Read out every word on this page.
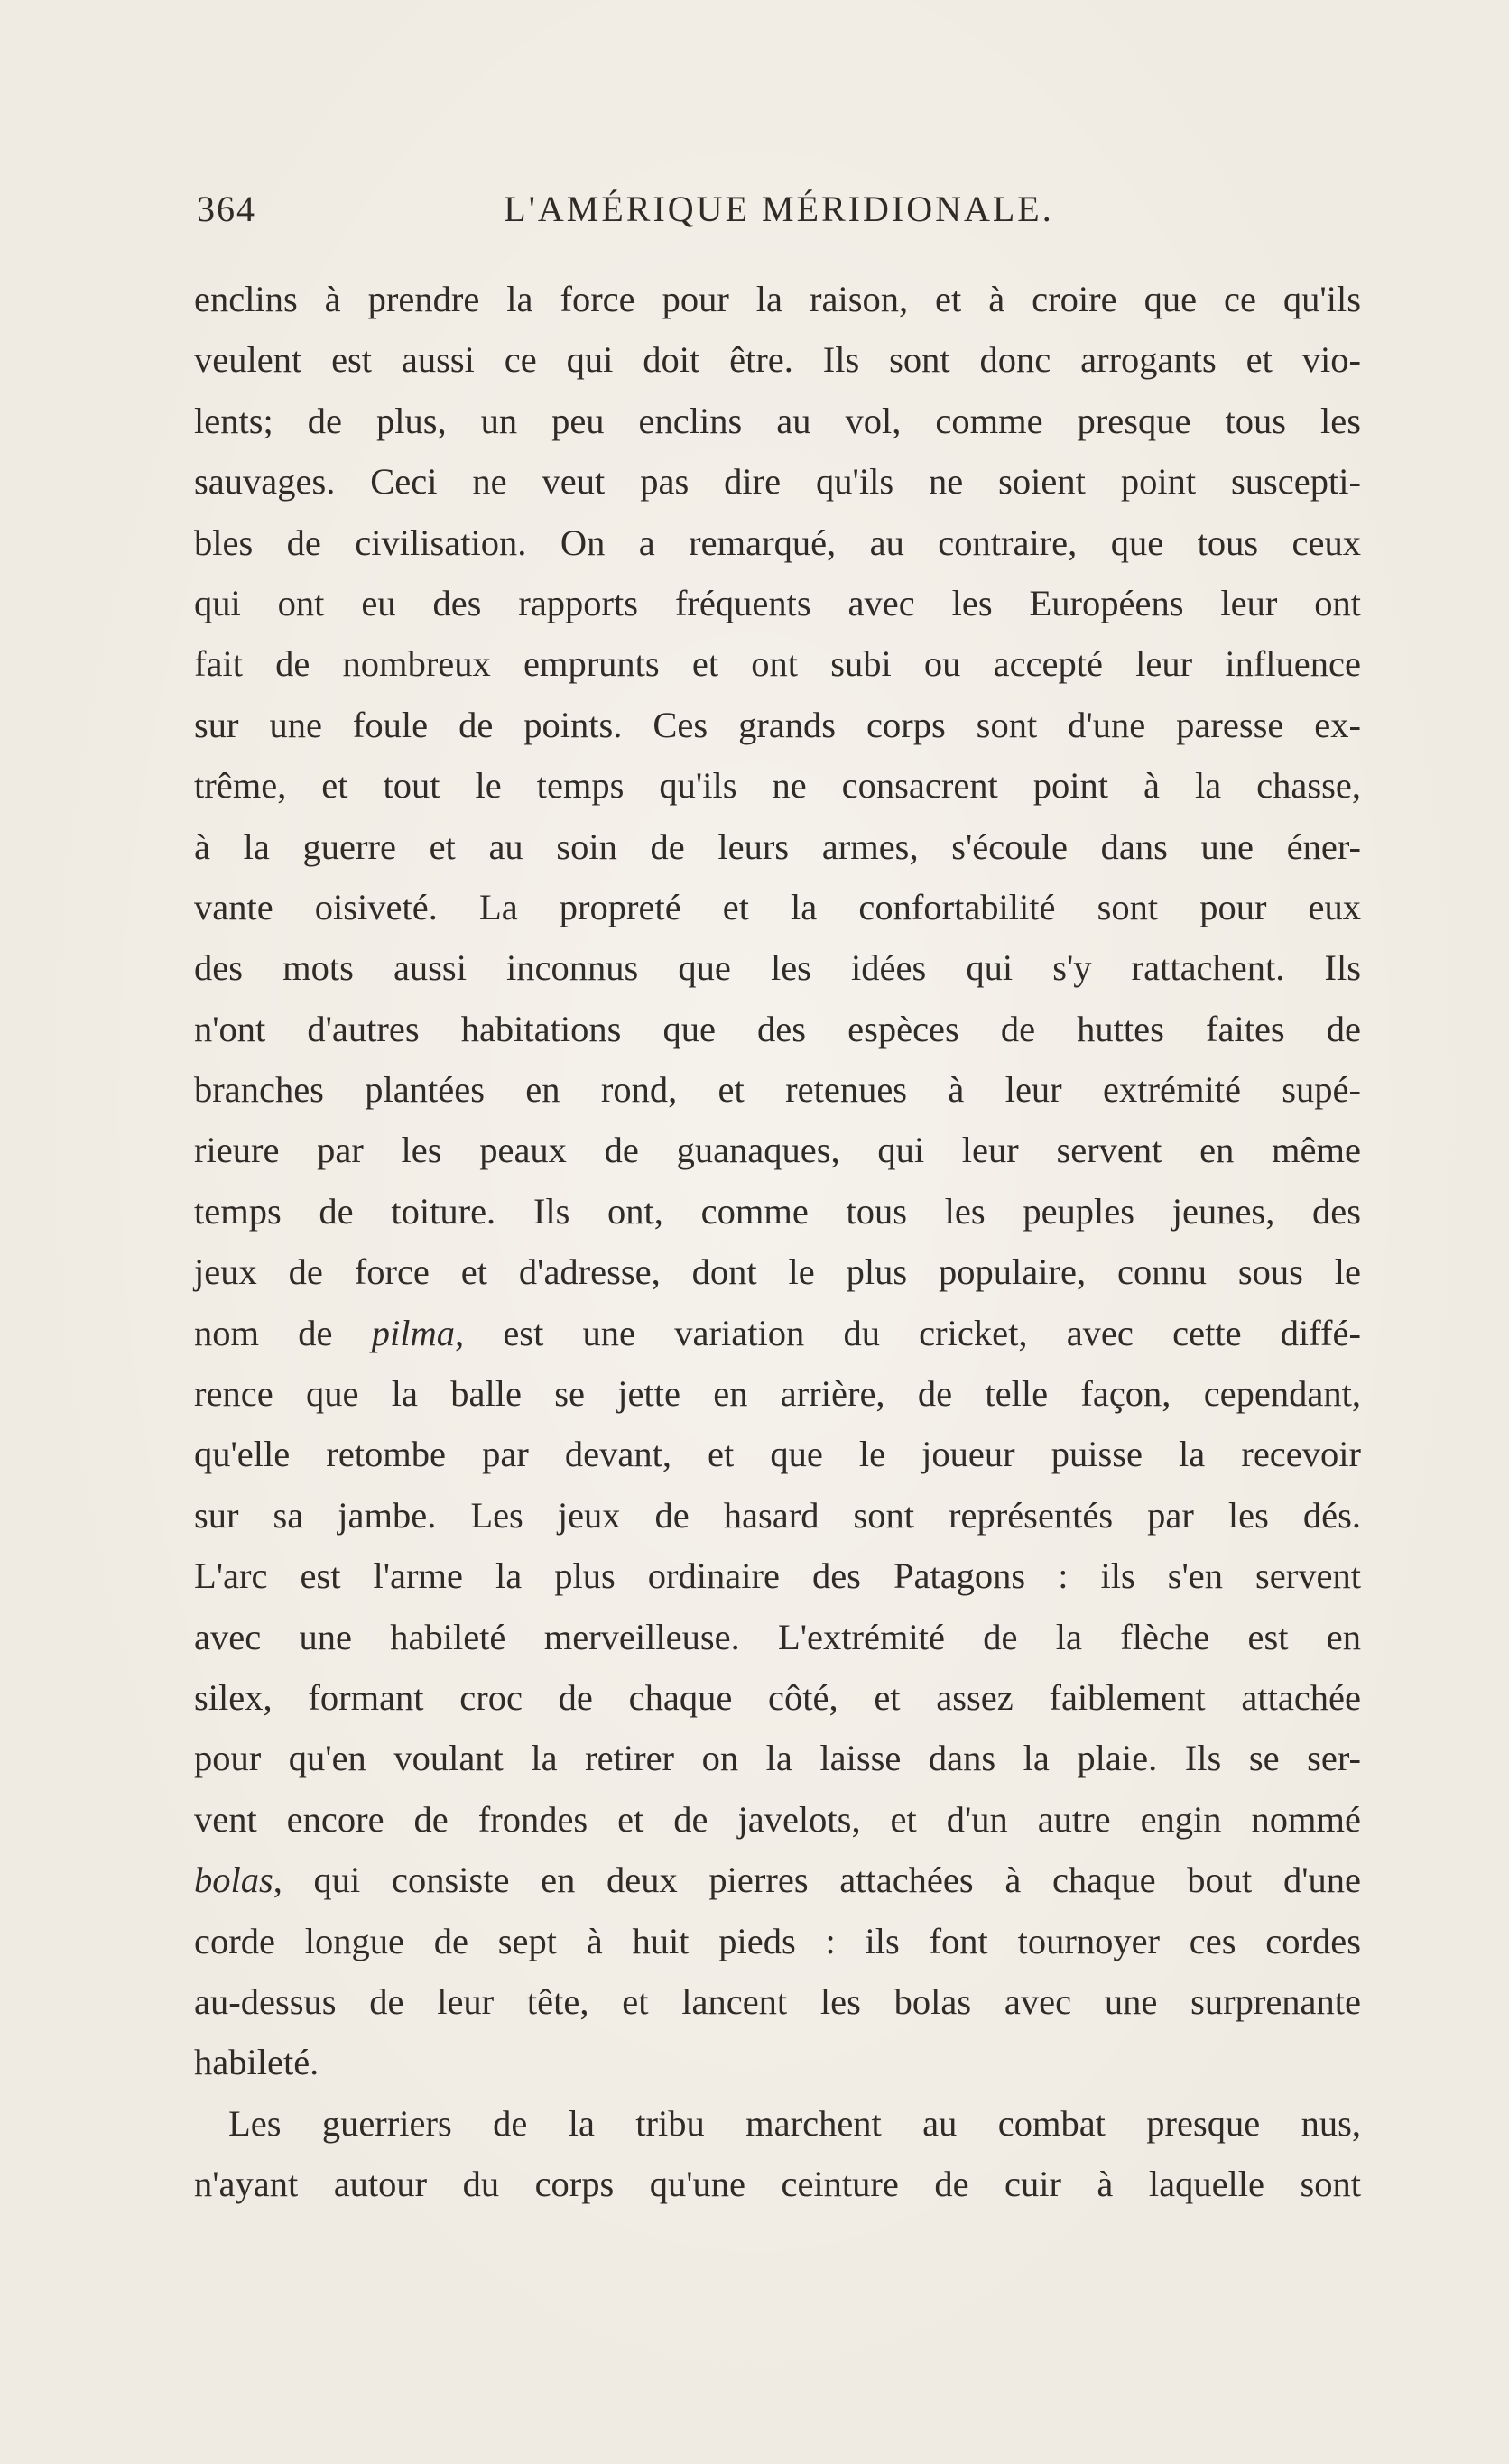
364	L'AMÉRIQUE MÉRIDIONALE.
enclins à prendre la force pour la raison, et à croire que ce qu'ils
veulent est aussi ce qui doit être. Ils sont donc arrogants et vio-
lents; de plus, un peu enclins au vol, comme presque tous les
sauvages. Ceci ne veut pas dire qu'ils ne soient point suscepti-
bles de civilisation. On a remarqué, au contraire, que tous ceux
qui ont eu des rapports fréquents avec les Européens leur ont
fait de nombreux emprunts et ont subi ou accepté leur influence
sur une foule de points. Ces grands corps sont d'une paresse ex-
trême, et tout le temps qu'ils ne consacrent point à la chasse,
à la guerre et au soin de leurs armes, s'écoule dans une éner-
vante oisiveté. La propreté et la confortabilité sont pour eux
des mots aussi inconnus que les idées qui s'y rattachent. Ils
n'ont d'autres habitations que des espèces de huttes faites de
branches plantées en rond, et retenues à leur extrémité supé-
rieure par les peaux de guanaques, qui leur servent en même
temps de toiture. Ils ont, comme tous les peuples jeunes, des
jeux de force et d'adresse, dont le plus populaire, connu sous le
nom de pilma, est une variation du cricket, avec cette diffé-
rence que la balle se jette en arrière, de telle façon, cependant,
qu'elle retombe par devant, et que le joueur puisse la recevoir
sur sa jambe. Les jeux de hasard sont représentés par les dés.
L'arc est l'arme la plus ordinaire des Patagons : ils s'en servent
avec une habileté merveilleuse. L'extrémité de la flèche est en
silex, formant croc de chaque côté, et assez faiblement attachée
pour qu'en voulant la retirer on la laisse dans la plaie. Ils se ser-
vent encore de frondes et de javelots, et d'un autre engin nommé
bolas, qui consiste en deux pierres attachées à chaque bout d'une
corde longue de sept à huit pieds : ils font tournoyer ces cordes
au-dessus de leur tête, et lancent les bolas avec une surprenante
habileté.
Les guerriers de la tribu marchent au combat presque nus,
n'ayant autour du corps qu'une ceinture de cuir à laquelle sont
